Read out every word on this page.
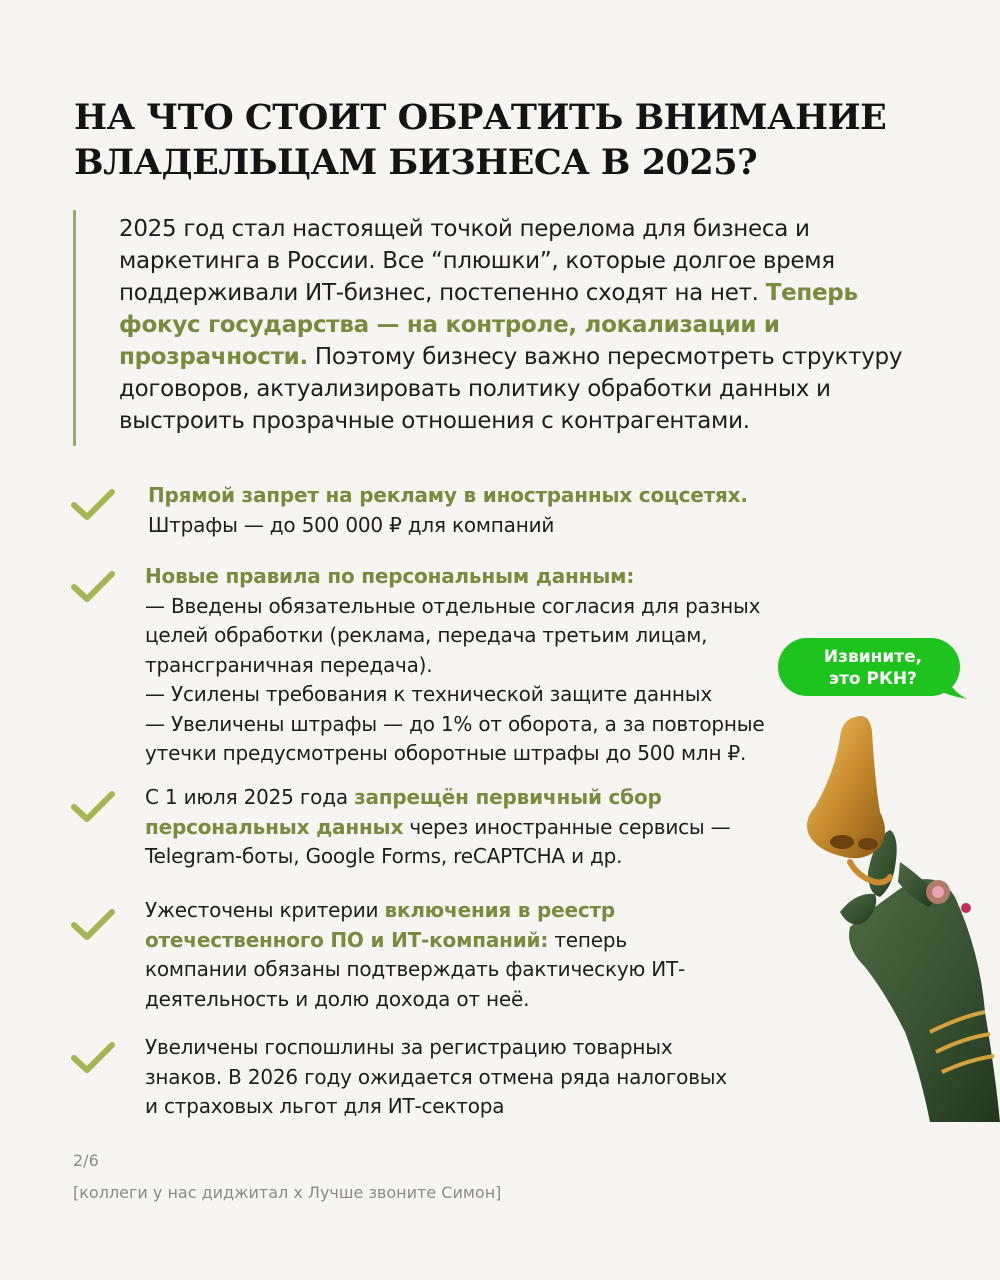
НА ЧТО СТОИТ ОБРАТИТЬ ВНИМАНИЕ
ВЛАДЕЛЬЦАМ БИЗНЕСА В 2025?

2025 год стал настоящей точкой перелома для бизнеса и маркетинга в России. Все “плюшки”, которые долгое время поддерживали ИТ-бизнес, постепенно сходят на нет. Теперь фокус государства — на контроле, локализации и прозрачности. Поэтому бизнесу важно пересмотреть структуру договоров, актуализировать политику обработки данных и выстроить прозрачные отношения с контрагентами.

Прямой запрет на рекламу в иностранных соцсетях. Штрафы — до 500 000 ₽ для компаний

Новые правила по персональным данным:

— Введены обязательные отдельные согласия для разных целей обработки (реклама, передача третьим лицам, трансграничная передача).

— Усилены требования к технической защите данных

— Увеличены штрафы — до 1% от оборота, а за повторные утечки предусмотрены оборотные штрафы до 500 млн ₽.

С 1 июля 2025 года запрещён первичный сбор персональных данных через иностранные сервисы — Telegram-боты, Google Forms, reCAPTCHA и др.
Ужесточены критерии включения в реестр отечественного ПО и ИТ-компаний: теперь компании обязаны подтверждать фактическую ИТ-деятельность и долю дохода от неё.
Увеличены госпошлины за регистрацию товарных знаков. В 2026 году ожидается отмена ряда налоговых и страховых льгот для ИТ-сектора
Извините,
это РКН?
2/6
[коллеги у нас диджитал х Лучше звоните Симон]
